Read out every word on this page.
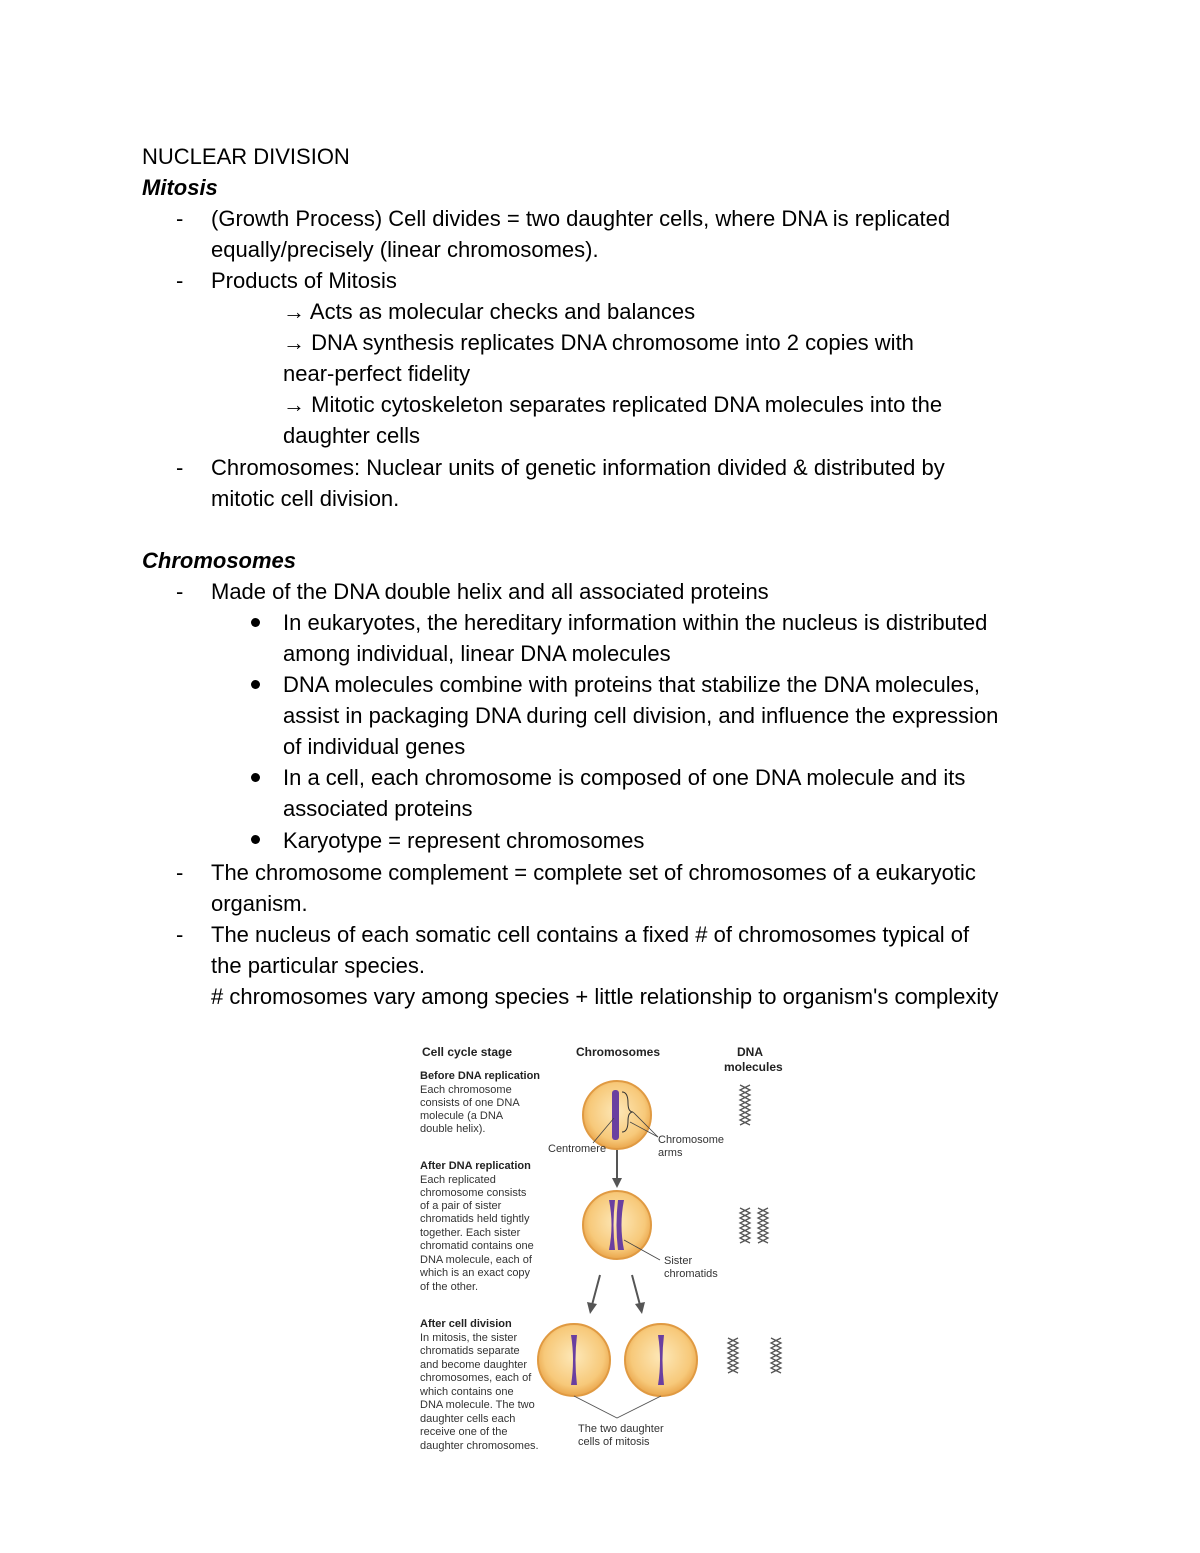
NUCLEAR DIVISION
Mitosis
- (Growth Process) Cell divides = two daughter cells, where DNA is replicated
equally/precisely (linear chromosomes).
- Products of Mitosis
→ Acts as molecular checks and balances
→ DNA synthesis replicates DNA chromosome into 2 copies with
near-perfect fidelity
→ Mitotic cytoskeleton separates replicated DNA molecules into the
daughter cells
- Chromosomes: Nuclear units of genetic information divided & distributed by
mitotic cell division.
Chromosomes
- Made of the DNA double helix and all associated proteins
In eukaryotes, the hereditary information within the nucleus is distributed
among individual, linear DNA molecules
DNA molecules combine with proteins that stabilize the DNA molecules,
assist in packaging DNA during cell division, and influence the expression
of individual genes
In a cell, each chromosome is composed of one DNA molecule and its
associated proteins
Karyotype = represent chromosomes
- The chromosome complement = complete set of chromosomes of a eukaryotic
organism.
- The nucleus of each somatic cell contains a fixed # of chromosomes typical of
the particular species.
# chromosomes vary among species + little relationship to organism's complexity
Cell cycle stage	Chromosomes	DNA
molecules
Before DNA replication
Each chromosome
consists of one DNA
molecule (a DNA
double helix).
After DNA replication
Each replicated
chromosome consists
of a pair of sister
chromatids held tightly
together. Each sister
chromatid contains one
DNA molecule, each of
which is an exact copy
of the other.
After cell division
In mitosis, the sister
chromatids separate
and become daughter
chromosomes, each of
which contains one
DNA molecule. The two
daughter cells each
receive one of the
daughter chromosomes.
Centromere
Chromosome
arms
Sister
chromatids
The two daughter
cells of mitosis
